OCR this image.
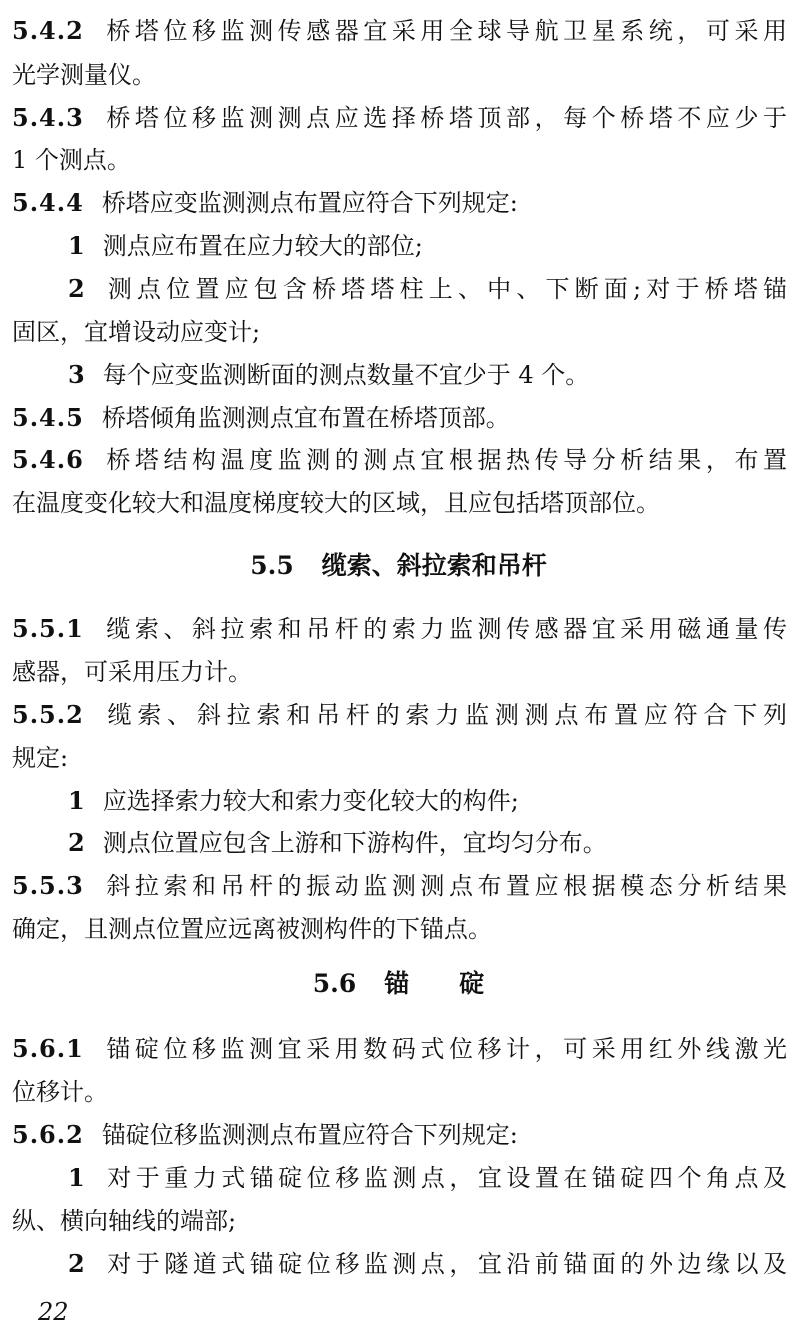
5.4.2 桥塔位移监测传感器宜采用全球导航卫星系统，可采用
光学测量仪。
5.4.3 桥塔位移监测测点应选择桥塔顶部，每个桥塔不应少于
1 个测点。
5.4.4 桥塔应变监测测点布置应符合下列规定:
1 测点应布置在应力较大的部位;
2 测点位置应包含桥塔塔柱上、中、下断面;对于桥塔锚
固区，宜增设动应变计;
3 每个应变监测断面的测点数量不宜少于 4 个。
5.4.5 桥塔倾角监测测点宜布置在桥塔顶部。
5.4.6 桥塔结构温度监测的测点宜根据热传导分析结果，布置
在温度变化较大和温度梯度较大的区域，且应包括塔顶部位。
5.5 缆索、斜拉索和吊杆
5.5.1 缆索、斜拉索和吊杆的索力监测传感器宜采用磁通量传
感器，可采用压力计。
5.5.2 缆索、斜拉索和吊杆的索力监测测点布置应符合下列
规定:
1 应选择索力较大和索力变化较大的构件;
2 测点位置应包含上游和下游构件，宜均匀分布。
5.5.3 斜拉索和吊杆的振动监测测点布置应根据模态分析结果
确定，且测点位置应远离被测构件的下锚点。
5.6 锚　　碇
5.6.1 锚碇位移监测宜采用数码式位移计，可采用红外线激光
位移计。
5.6.2 锚碇位移监测测点布置应符合下列规定:
1 对于重力式锚碇位移监测点，宜设置在锚碇四个角点及
纵、横向轴线的端部;
2 对于隧道式锚碇位移监测点，宜沿前锚面的外边缘以及
22
